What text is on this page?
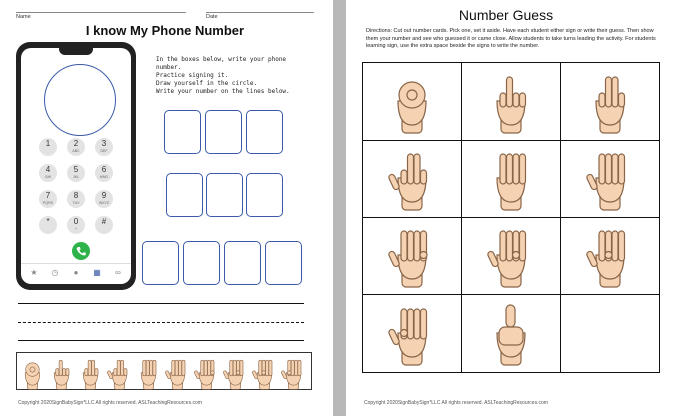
Name	Date
I know My Phone Number
1	2
ABC
3
DEF
4
GHI
5
JKL
6
MNO
7
PQRS
8
TUV
9
WXYZ
*	0
+
#
★ ◷	●	▦ ∞
In the boxes below, write your phone number.
Practice signing it.
Draw yourself in the circle.
Write your number on the lines below.
Copyright 2020SignBabySign*LLC All rights reserved. ASLTeachingResources.com
Number Guess
Directions: Cut out number cards. Pick one, set it aside. Have each student either sign or write their guess. Then show them your number and see who guessed it or came close. Allow students to take turns leading the activity. For students learning sign, use the extra space beside the signs to write the number.
Copyright 2020SignBabySign*LLC All rights reserved. ASLTeachingResources.com
